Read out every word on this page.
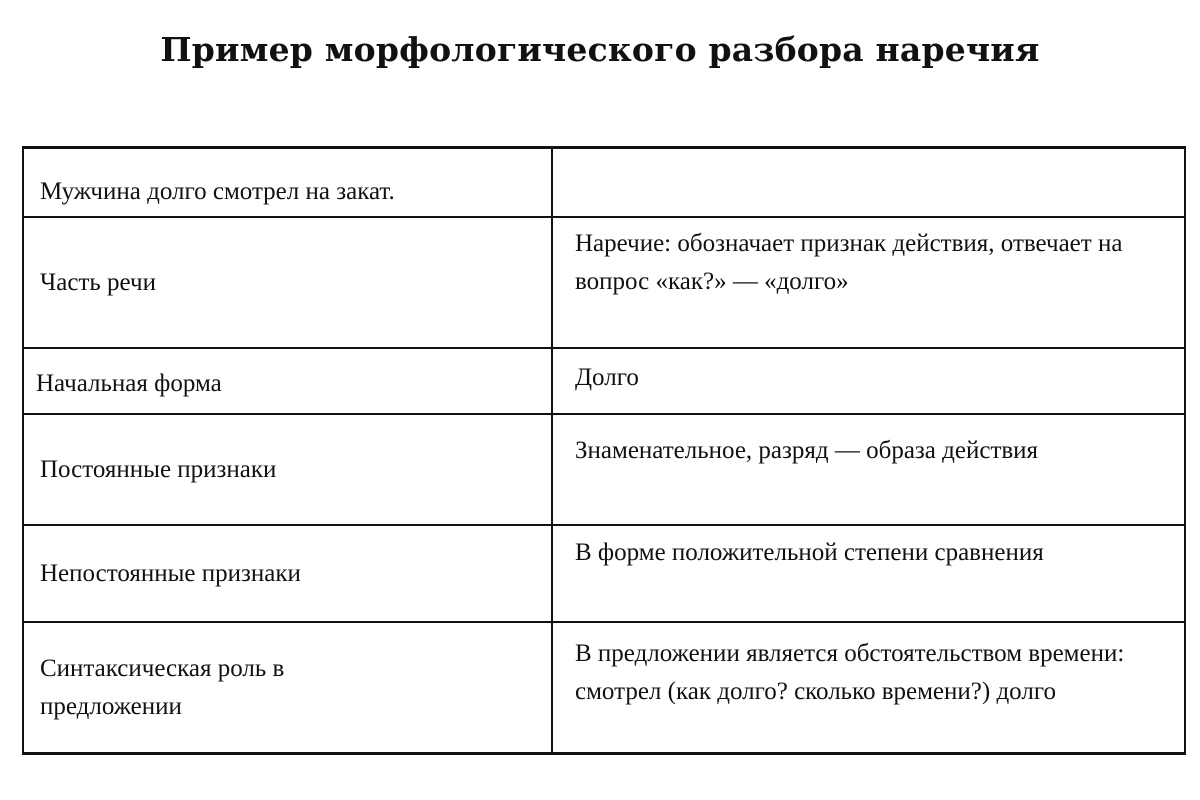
Пример морфологического разбора наречия
Мужчина долго смотрел на закат.
Часть речи
Наречие: обозначает признак действия, отвечает на вопрос «как?» — «долго»
Начальная форма	Долго
Постоянные признаки
Знаменательное, разряд — образа действия
Непостоянные признаки
В форме положительной степени сравнения
Синтаксическая роль в предложении
В предложении является обстоятельством времени: смотрел (как долго? сколько времени?) долго
